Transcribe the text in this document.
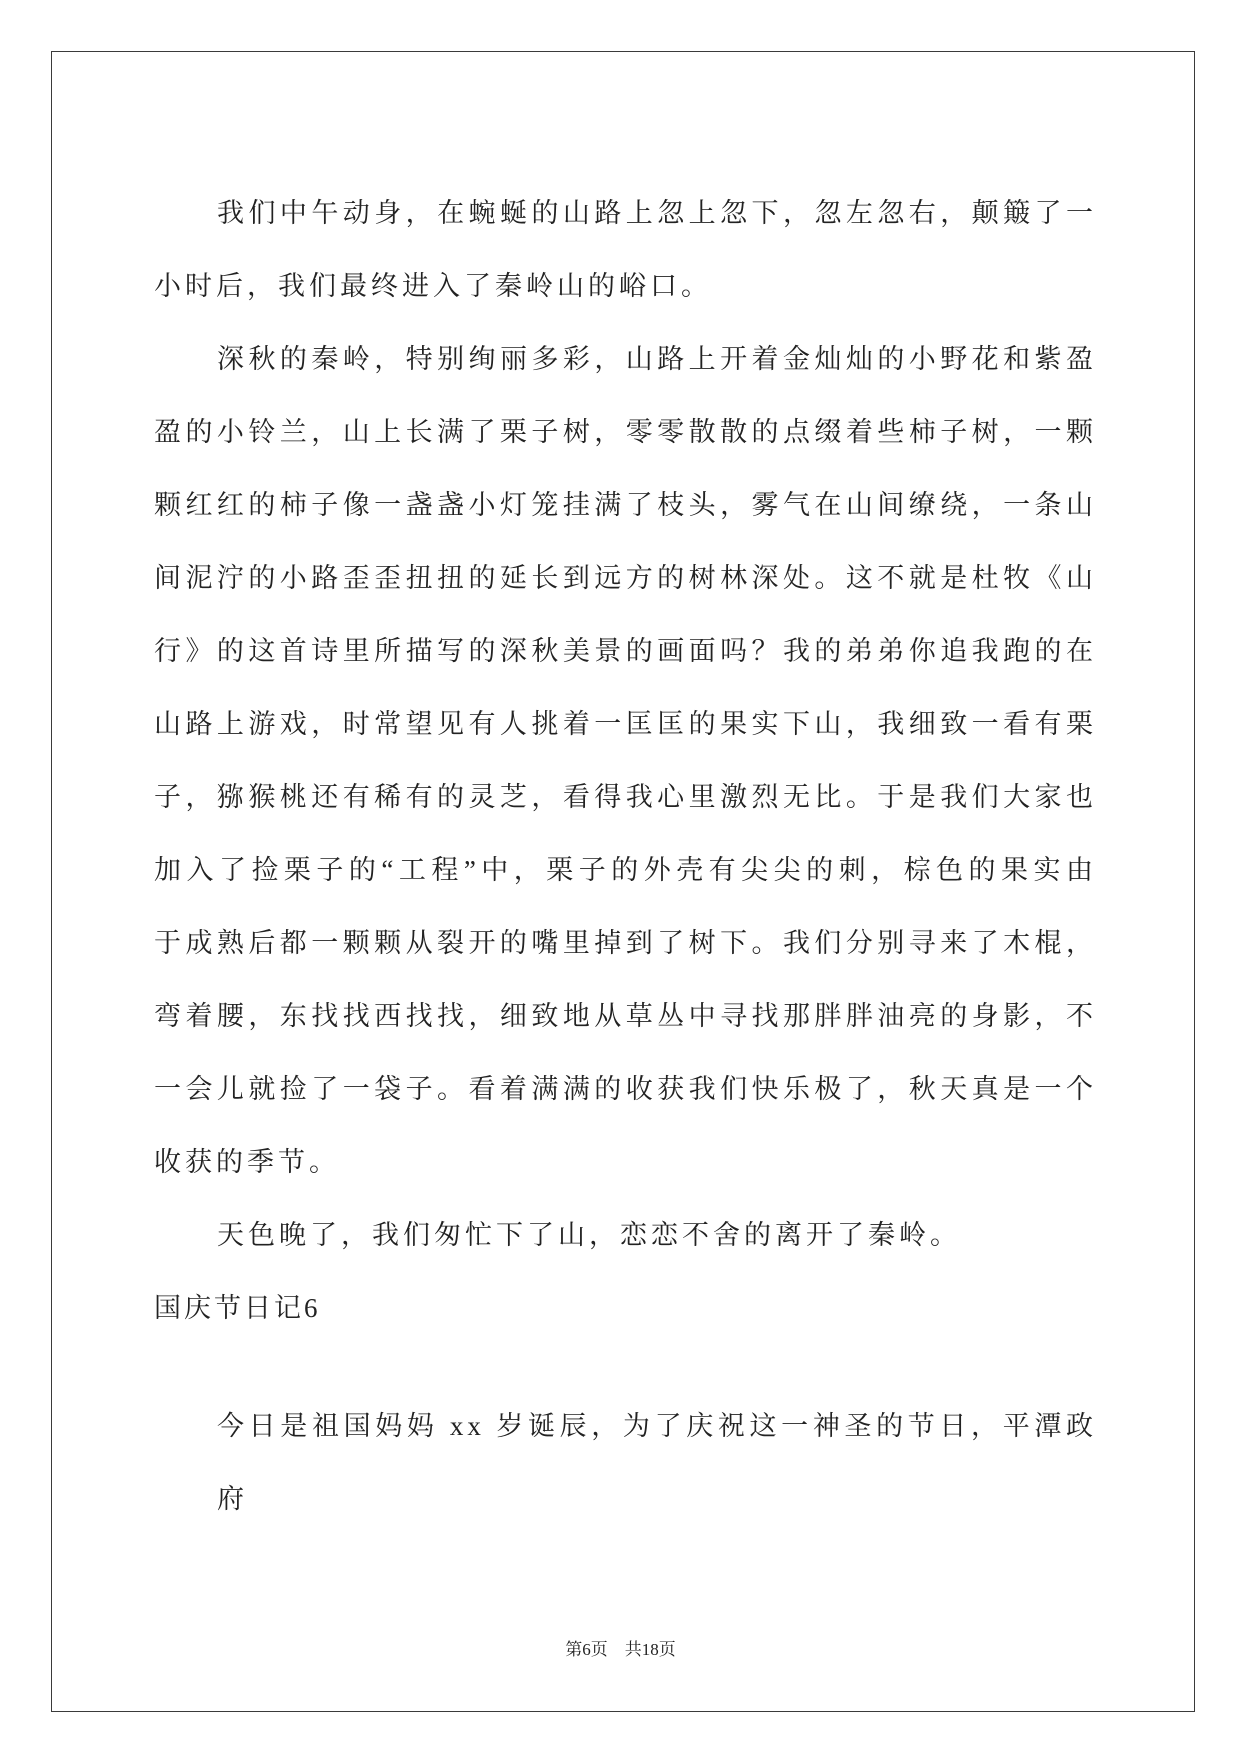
我们中午动身，在蜿蜒的山路上忽上忽下，忽左忽右，颠簸了一
小时后，我们最终进入了秦岭山的峪口。
深秋的秦岭，特别绚丽多彩，山路上开着金灿灿的小野花和紫盈
盈的小铃兰，山上长满了栗子树，零零散散的点缀着些柿子树，一颗
颗红红的柿子像一盏盏小灯笼挂满了枝头，雾气在山间缭绕，一条山
间泥泞的小路歪歪扭扭的延长到远方的树林深处。这不就是杜牧《山
行》的这首诗里所描写的深秋美景的画面吗？我的弟弟你追我跑的在
山路上游戏，时常望见有人挑着一匡匡的果实下山，我细致一看有栗
子，猕猴桃还有稀有的灵芝，看得我心里激烈无比。于是我们大家也
加入了捡栗子的“工程”中，栗子的外壳有尖尖的刺，棕色的果实由
于成熟后都一颗颗从裂开的嘴里掉到了树下。我们分别寻来了木棍，
弯着腰，东找找西找找，细致地从草丛中寻找那胖胖油亮的身影，不
一会儿就捡了一袋子。看着满满的收获我们快乐极了，秋天真是一个
收获的季节。
天色晚了，我们匆忙下了山，恋恋不舍的离开了秦岭。
国庆节日记6
今日是祖国妈妈 xx 岁诞辰，为了庆祝这一神圣的节日，平潭政府
第6页　共18页
